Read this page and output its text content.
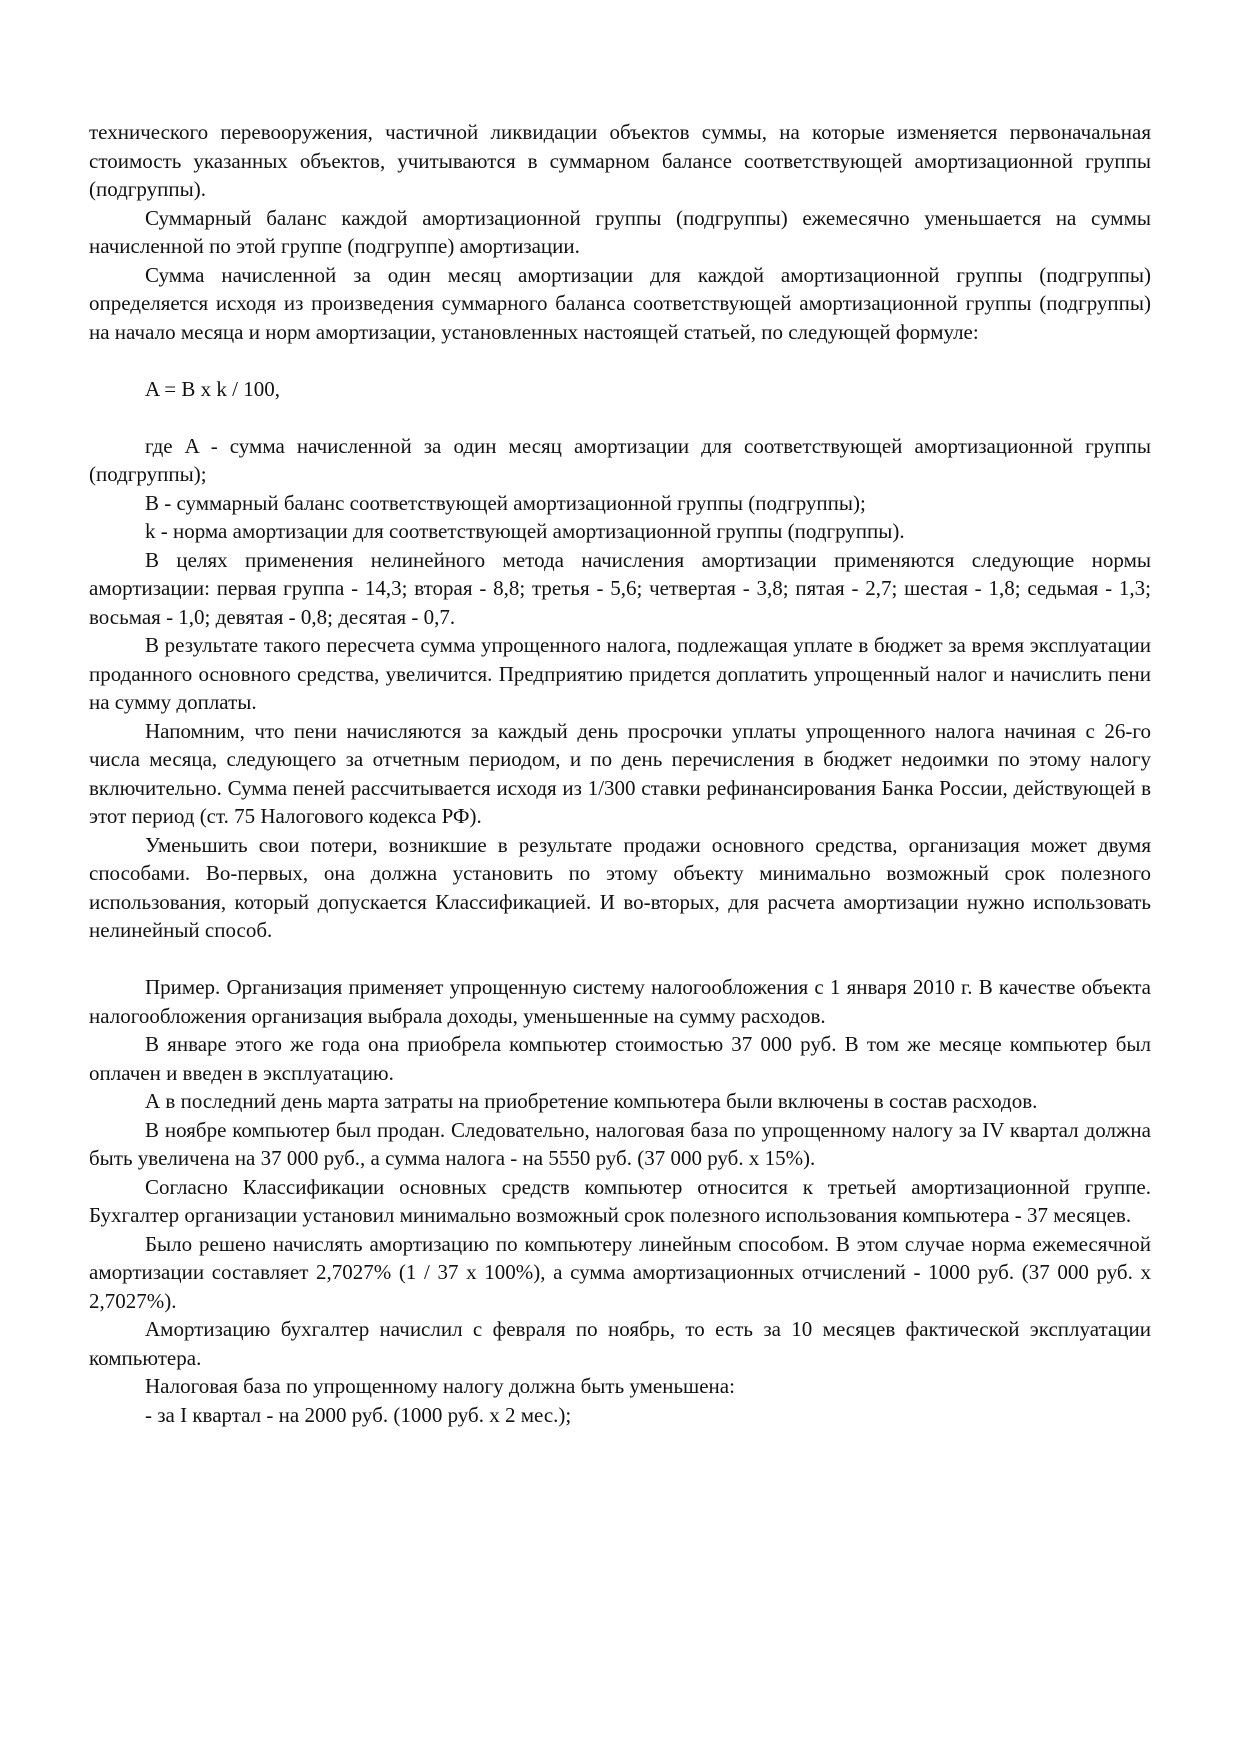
технического перевооружения, частичной ликвидации объектов суммы, на которые изменяется первоначальная стоимость указанных объектов, учитываются в суммарном балансе соответствующей амортизационной группы (подгруппы).

Суммарный баланс каждой амортизационной группы (подгруппы) ежемесячно уменьшается на суммы начисленной по этой группе (подгруппе) амортизации.

Сумма начисленной за один месяц амортизации для каждой амортизационной группы (подгруппы) определяется исходя из произведения суммарного баланса соответствующей амортизационной группы (подгруппы) на начало месяца и норм амортизации, установленных настоящей статьей, по следующей формуле:

A = B x k / 100,

где A - сумма начисленной за один месяц амортизации для соответствующей амортизационной группы (подгруппы);

B - суммарный баланс соответствующей амортизационной группы (подгруппы);

k - норма амортизации для соответствующей амортизационной группы (подгруппы).

В целях применения нелинейного метода начисления амортизации применяются следующие нормы амортизации: первая группа - 14,3; вторая - 8,8; третья - 5,6; четвертая - 3,8; пятая - 2,7; шестая - 1,8; седьмая - 1,3; восьмая - 1,0; девятая - 0,8; десятая - 0,7.

В результате такого пересчета сумма упрощенного налога, подлежащая уплате в бюджет за время эксплуатации проданного основного средства, увеличится. Предприятию придется доплатить упрощенный налог и начислить пени на сумму доплаты.

Напомним, что пени начисляются за каждый день просрочки уплаты упрощенного налога начиная с 26-го числа месяца, следующего за отчетным периодом, и по день перечисления в бюджет недоимки по этому налогу включительно. Сумма пеней рассчитывается исходя из 1/300 ставки рефинансирования Банка России, действующей в этот период (ст. 75 Налогового кодекса РФ).

Уменьшить свои потери, возникшие в результате продажи основного средства, организация может двумя способами. Во-первых, она должна установить по этому объекту минимально возможный срок полезного использования, который допускается Классификацией. И во-вторых, для расчета амортизации нужно использовать нелинейный способ.

Пример. Организация применяет упрощенную систему налогообложения с 1 января 2010 г. В качестве объекта налогообложения организация выбрала доходы, уменьшенные на сумму расходов.

В январе этого же года она приобрела компьютер стоимостью 37 000 руб. В том же месяце компьютер был оплачен и введен в эксплуатацию.

А в последний день марта затраты на приобретение компьютера были включены в состав расходов.

В ноябре компьютер был продан. Следовательно, налоговая база по упрощенному налогу за IV квартал должна быть увеличена на 37 000 руб., а сумма налога - на 5550 руб. (37 000 руб. x 15%).

Согласно Классификации основных средств компьютер относится к третьей амортизационной группе. Бухгалтер организации установил минимально возможный срок полезного использования компьютера - 37 месяцев.

Было решено начислять амортизацию по компьютеру линейным способом. В этом случае норма ежемесячной амортизации составляет 2,7027% (1 / 37 x 100%), а сумма амортизационных отчислений - 1000 руб. (37 000 руб. x 2,7027%).

Амортизацию бухгалтер начислил с февраля по ноябрь, то есть за 10 месяцев фактической эксплуатации компьютера.

Налоговая база по упрощенному налогу должна быть уменьшена:

- за I квартал - на 2000 руб. (1000 руб. x 2 мес.);
